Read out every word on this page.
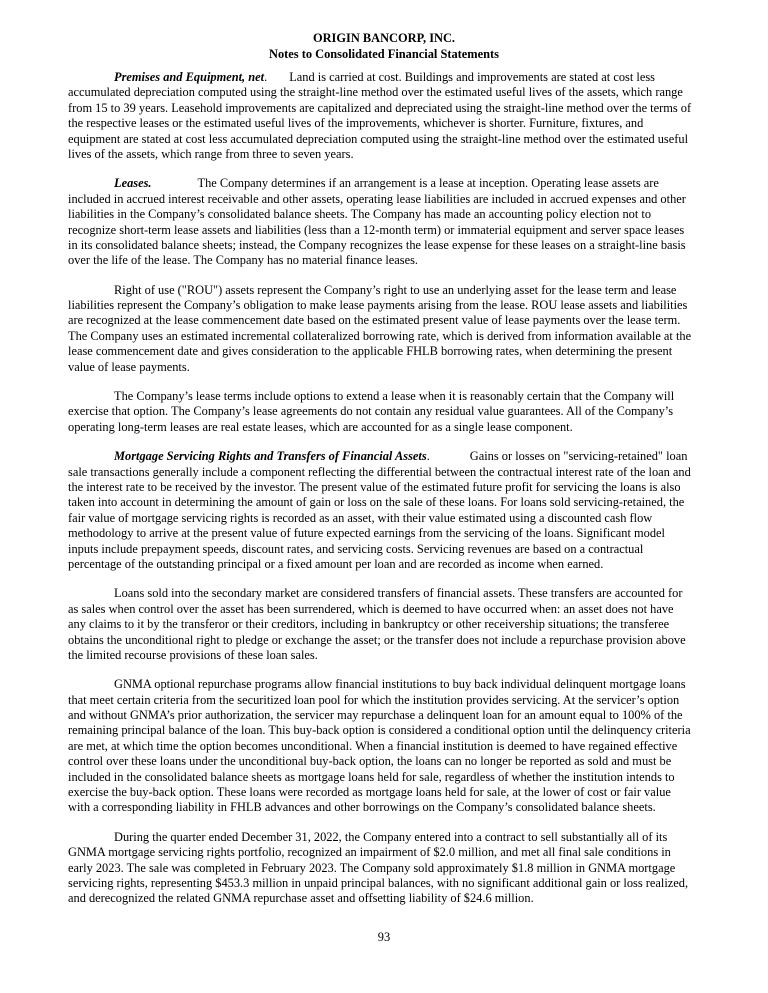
ORIGIN BANCORP, INC.
Notes to Consolidated Financial Statements
Premises and Equipment, net. Land is carried at cost. Buildings and improvements are stated at cost less
accumulated depreciation computed using the straight-line method over the estimated useful lives of the assets, which range
from 15 to 39 years. Leasehold improvements are capitalized and depreciated using the straight-line method over the terms of
the respective leases or the estimated useful lives of the improvements, whichever is shorter. Furniture, fixtures, and
equipment are stated at cost less accumulated depreciation computed using the straight-line method over the estimated useful
lives of the assets, which range from three to seven years.
Leases.	The Company determines if an arrangement is a lease at inception. Operating lease assets are
included in accrued interest receivable and other assets, operating lease liabilities are included in accrued expenses and other
liabilities in the Company’s consolidated balance sheets. The Company has made an accounting policy election not to
recognize short-term lease assets and liabilities (less than a 12-month term) or immaterial equipment and server space leases
in its consolidated balance sheets; instead, the Company recognizes the lease expense for these leases on a straight-line basis
over the life of the lease. The Company has no material finance leases.
Right of use ("ROU") assets represent the Company’s right to use an underlying asset for the lease term and lease
liabilities represent the Company’s obligation to make lease payments arising from the lease. ROU lease assets and liabilities
are recognized at the lease commencement date based on the estimated present value of lease payments over the lease term.
The Company uses an estimated incremental collateralized borrowing rate, which is derived from information available at the
lease commencement date and gives consideration to the applicable FHLB borrowing rates, when determining the present
value of lease payments.
The Company’s lease terms include options to extend a lease when it is reasonably certain that the Company will
exercise that option. The Company’s lease agreements do not contain any residual value guarantees. All of the Company’s
operating long-term leases are real estate leases, which are accounted for as a single lease component.
Mortgage Servicing Rights and Transfers of Financial Assets.	Gains or losses on "servicing-retained" loan
sale transactions generally include a component reflecting the differential between the contractual interest rate of the loan and
the interest rate to be received by the investor. The present value of the estimated future profit for servicing the loans is also
taken into account in determining the amount of gain or loss on the sale of these loans. For loans sold servicing-retained, the
fair value of mortgage servicing rights is recorded as an asset, with their value estimated using a discounted cash flow
methodology to arrive at the present value of future expected earnings from the servicing of the loans. Significant model
inputs include prepayment speeds, discount rates, and servicing costs. Servicing revenues are based on a contractual
percentage of the outstanding principal or a fixed amount per loan and are recorded as income when earned.
Loans sold into the secondary market are considered transfers of financial assets. These transfers are accounted for
as sales when control over the asset has been surrendered, which is deemed to have occurred when: an asset does not have
any claims to it by the transferor or their creditors, including in bankruptcy or other receivership situations; the transferee
obtains the unconditional right to pledge or exchange the asset; or the transfer does not include a repurchase provision above
the limited recourse provisions of these loan sales.
GNMA optional repurchase programs allow financial institutions to buy back individual delinquent mortgage loans
that meet certain criteria from the securitized loan pool for which the institution provides servicing. At the servicer’s option
and without GNMA’s prior authorization, the servicer may repurchase a delinquent loan for an amount equal to 100% of the
remaining principal balance of the loan. This buy-back option is considered a conditional option until the delinquency criteria
are met, at which time the option becomes unconditional. When a financial institution is deemed to have regained effective
control over these loans under the unconditional buy-back option, the loans can no longer be reported as sold and must be
included in the consolidated balance sheets as mortgage loans held for sale, regardless of whether the institution intends to
exercise the buy-back option. These loans were recorded as mortgage loans held for sale, at the lower of cost or fair value
with a corresponding liability in FHLB advances and other borrowings on the Company’s consolidated balance sheets.
During the quarter ended December 31, 2022, the Company entered into a contract to sell substantially all of its
GNMA mortgage servicing rights portfolio, recognized an impairment of $2.0 million, and met all final sale conditions in
early 2023. The sale was completed in February 2023. The Company sold approximately $1.8 million in GNMA mortgage
servicing rights, representing $453.3 million in unpaid principal balances, with no significant additional gain or loss realized,
and derecognized the related GNMA repurchase asset and offsetting liability of $24.6 million.
93
